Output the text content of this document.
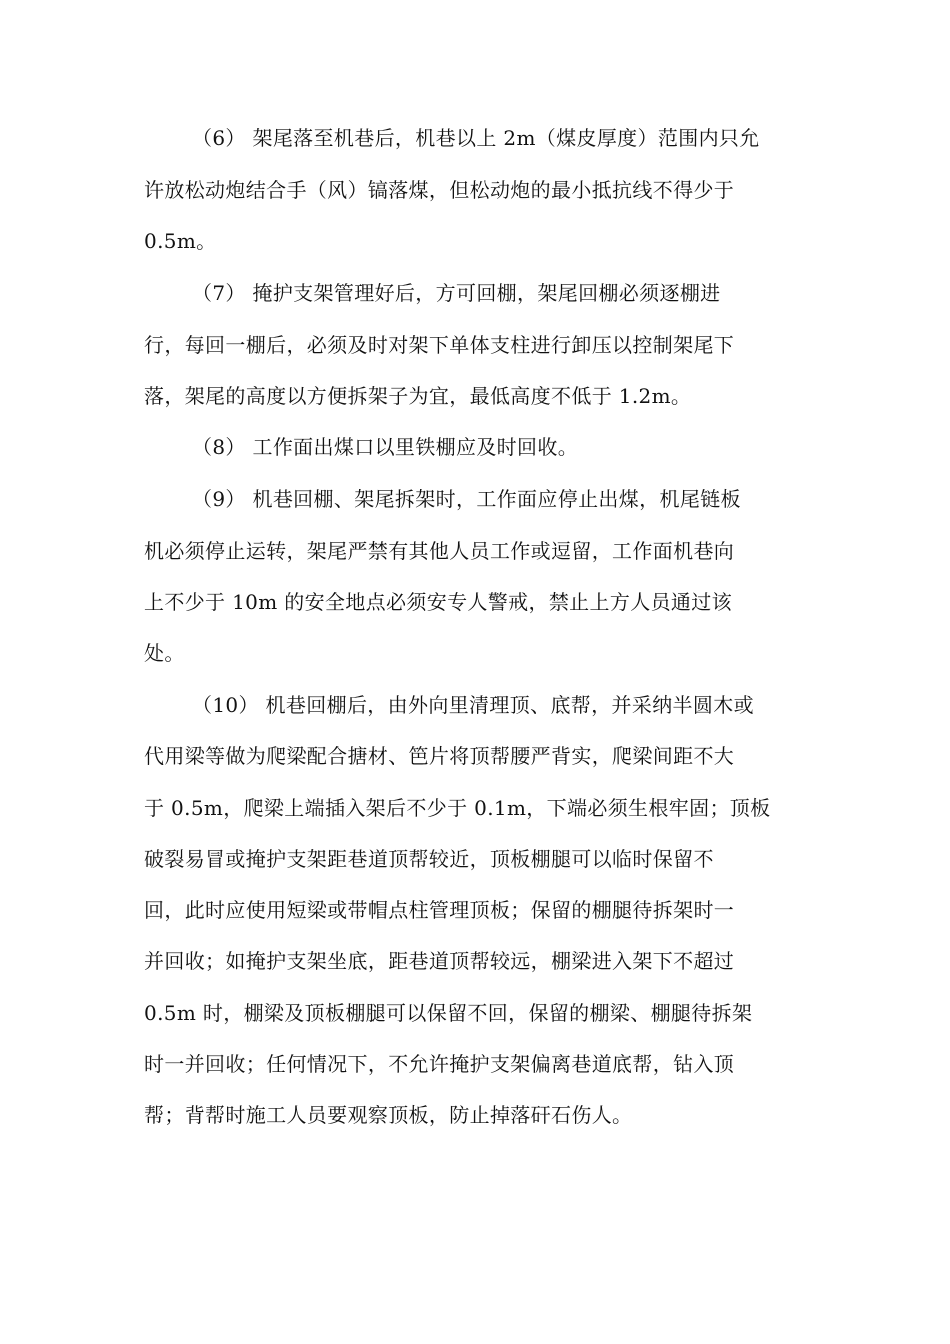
（6） 架尾落至机巷后，机巷以上 2m（煤皮厚度）范围内只允
许放松动炮结合手（风）镐落煤，但松动炮的最小抵抗线不得少于
0.5m。
（7） 掩护支架管理好后，方可回棚，架尾回棚必须逐棚进
行，每回一棚后，必须及时对架下单体支柱进行卸压以控制架尾下
落，架尾的高度以方便拆架子为宜，最低高度不低于 1.2m。
（8） 工作面出煤口以里铁棚应及时回收。
（9） 机巷回棚、架尾拆架时，工作面应停止出煤，机尾链板
机必须停止运转，架尾严禁有其他人员工作或逗留，工作面机巷向
上不少于 10m 的安全地点必须安专人警戒，禁止上方人员通过该
处。
（10） 机巷回棚后，由外向里清理顶、底帮，并采纳半圆木或
代用梁等做为爬梁配合搪材、笆片将顶帮腰严背实，爬梁间距不大
于 0.5m，爬梁上端插入架后不少于 0.1m，下端必须生根牢固；顶板
破裂易冒或掩护支架距巷道顶帮较近，顶板棚腿可以临时保留不
回，此时应使用短梁或带帽点柱管理顶板；保留的棚腿待拆架时一
并回收；如掩护支架坐底，距巷道顶帮较远，棚梁进入架下不超过
0.5m 时，棚梁及顶板棚腿可以保留不回，保留的棚梁、棚腿待拆架
时一并回收；任何情况下，不允许掩护支架偏离巷道底帮，钻入顶
帮；背帮时施工人员要观察顶板，防止掉落矸石伤人。
